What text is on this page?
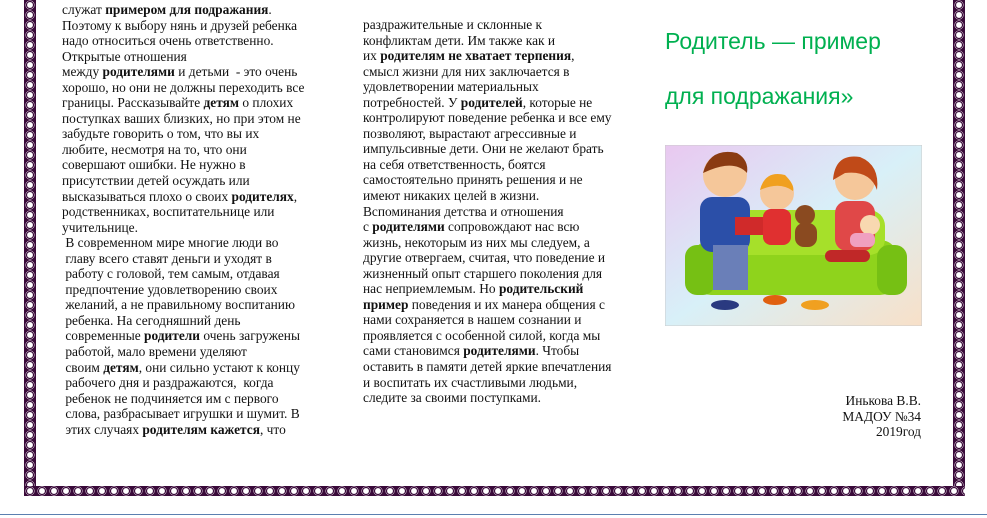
служат примером для подражания.
Поэтому к выбору нянь и друзей ребенка
надо относиться очень ответственно.
Открытые отношения
между родителями и детьми  - это очень
хорошо, но они не должны переходить все
границы. Рассказывайте детям о плохих
поступках ваших близких, но при этом не
забудьте говорить о том, что вы их
любите, несмотря на то, что они
совершают ошибки. Не нужно в
присутствии детей осуждать или
высказываться плохо о своих родителях,
родственниках, воспитательнице или
учительнице.
В современном мире многие люди во
главу всего ставят деньги и уходят в
работу с головой, тем самым, отдавая
предпочтение удовлетворению своих
желаний, а не правильному воспитанию
ребенка. На сегодняшний день
современные родители очень загружены
работой, мало времени уделяют
своим детям, они сильно устают к концу
рабочего дня и раздражаются,  когда
ребенок не подчиняется им с первого
слова, разбрасывает игрушки и шумит. В
этих случаях родителям кажется, что
раздражительные и склонные к
конфликтам дети. Им также как и
их родителям не хватает терпения,
смысл жизни для них заключается в
удовлетворении материальных
потребностей. У родителей, которые не
контролируют поведение ребенка и все ему
позволяют, вырастают агрессивные и
импульсивные дети. Они не желают брать
на себя ответственность, боятся
самостоятельно принять решения и не
имеют никаких целей в жизни.
Вспоминания детства и отношения
с родителями сопровождают нас всю
жизнь, некоторым из них мы следуем, а
другие отвергаем, считая, что поведение и
жизненный опыт старшего поколения для
нас неприемлемым. Но родительский
пример поведения и их манера общения с
нами сохраняется в нашем сознании и
проявляется с особенной силой, когда мы
сами становимся родителями. Чтобы
оставить в памяти детей яркие впечатления
и воспитать их счастливыми людьми,
следите за своими поступками.
Родитель — пример
для подражания»
Инькова В.В.
МАДОУ №34
2019год
